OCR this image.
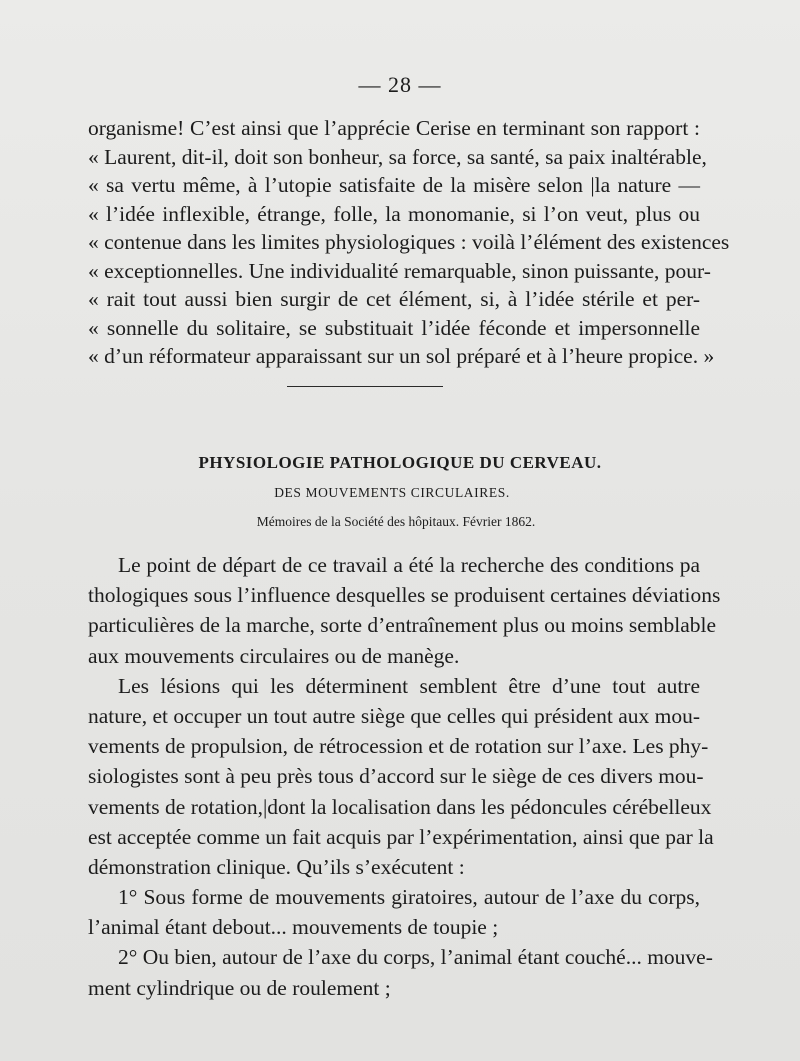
— 28 —
organisme! C’est ainsi que l’apprécie Cerise en terminant son rapport :
« Laurent, dit-il, doit son bonheur, sa force, sa santé, sa paix inaltérable,
« sa vertu même, à l’utopie satisfaite de la misère selon |la nature —
« l’idée inflexible, étrange, folle, la monomanie, si l’on veut, plus ou
« contenue dans les limites physiologiques : voilà l’élément des existences
« exceptionnelles. Une individualité remarquable, sinon puissante, pour-
« rait tout aussi bien surgir de cet élément, si, à l’idée stérile et per-
« sonnelle du solitaire, se substituait l’idée féconde et impersonnelle
« d’un réformateur apparaissant sur un sol préparé et à l’heure propice. »
PHYSIOLOGIE PATHOLOGIQUE DU CERVEAU.
DES MOUVEMENTS CIRCULAIRES.
Mémoires de la Société des hôpitaux. Février 1862.
Le point de départ de ce travail a été la recherche des conditions pa
thologiques sous l’influence desquelles se produisent certaines déviations
particulières de la marche, sorte d’entraînement plus ou moins semblable
aux mouvements circulaires ou de manège.
Les lésions qui les déterminent semblent être d’une tout autre
nature, et occuper un tout autre siège que celles qui président aux mou-
vements de propulsion, de rétrocession et de rotation sur l’axe. Les phy-
siologistes sont à peu près tous d’accord sur le siège de ces divers mou-
vements de rotation,|dont la localisation dans les pédoncules cérébelleux
est acceptée comme un fait acquis par l’expérimentation, ainsi que par la
démonstration clinique. Qu’ils s’exécutent :
1° Sous forme de mouvements giratoires, autour de l’axe du corps,
l’animal étant debout... mouvements de toupie ;
2° Ou bien, autour de l’axe du corps, l’animal étant couché... mouve-
ment cylindrique ou de roulement ;
